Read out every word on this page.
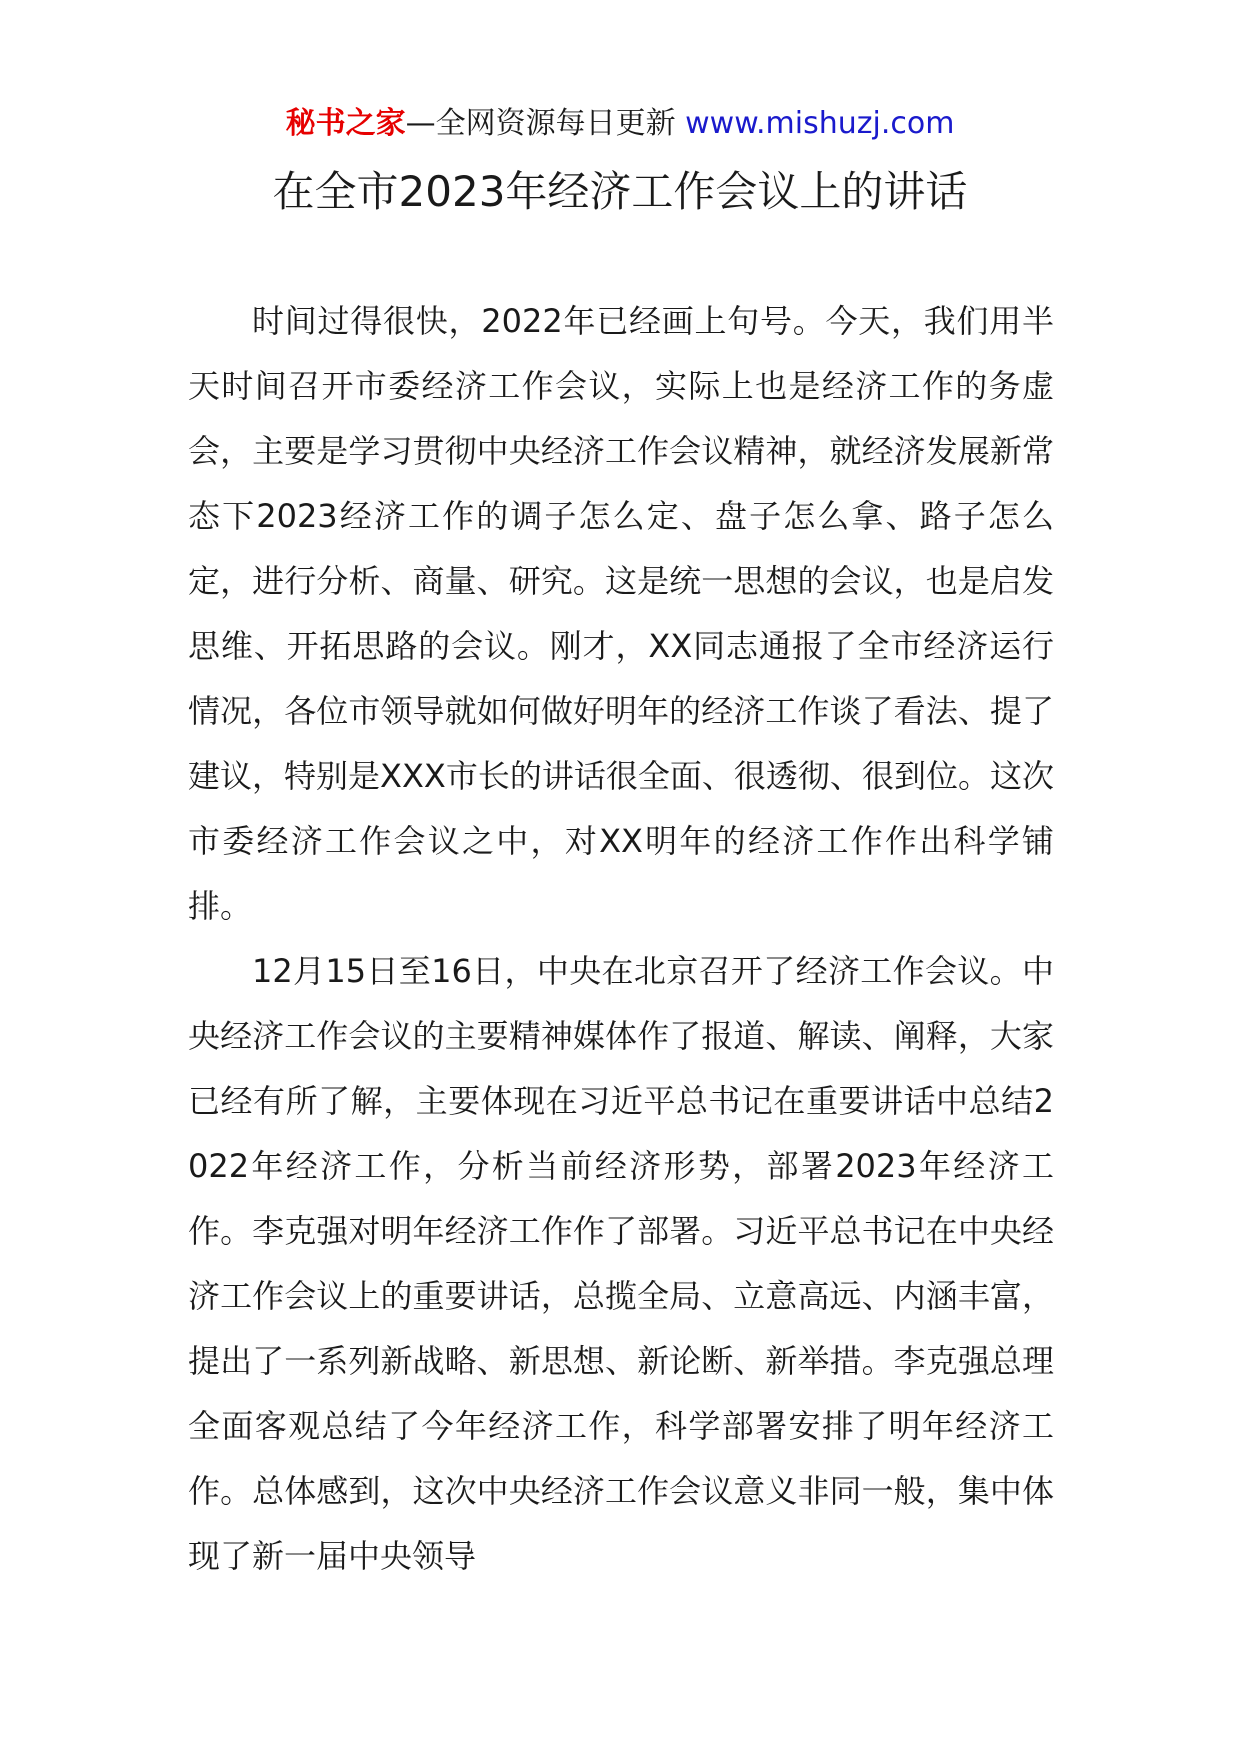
秘书之家—全网资源每日更新 www.mishuzj.com
在全市2023年经济工作会议上的讲话

时间过得很快，2022年已经画上句号。今天，我们用半天时间召开市委经济工作会议，实际上也是经济工作的务虚会，主要是学习贯彻中央经济工作会议精神，就经济发展新常态下2023经济工作的调子怎么定、盘子怎么拿、路子怎么定，进行分析、商量、研究。这是统一思想的会议，也是启发思维、开拓思路的会议。刚才，XX同志通报了全市经济运行情况，各位市领导就如何做好明年的经济工作谈了看法、提了建议，特别是XXX市长的讲话很全面、很透彻、很到位。这次市委经济工作会议之中，对XX明年的经济工作作出科学铺排。

12月15日至16日，中央在北京召开了经济工作会议。中央经济工作会议的主要精神媒体作了报道、解读、阐释，大家已经有所了解，主要体现在习近平总书记在重要讲话中总结2022年经济工作，分析当前经济形势，部署2023年经济工作。李克强对明年经济工作作了部署。习近平总书记在中央经济工作会议上的重要讲话，总揽全局、立意高远、内涵丰富，提出了一系列新战略、新思想、新论断、新举措。李克强总理全面客观总结了今年经济工作，科学部署安排了明年经济工作。总体感到，这次中央经济工作会议意义非同一般，集中体现了新一届中央领导
